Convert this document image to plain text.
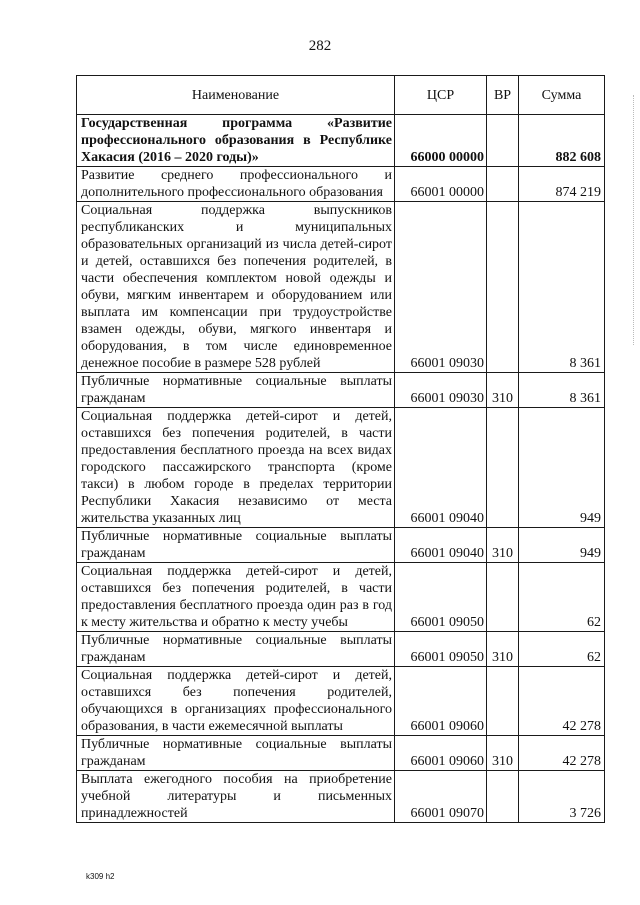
282
Наименование	ЦСР	ВР	Сумма
Государственная программа «Развитие профессионального образования в Республике Хакасия (2016 – 2020 годы)»	66000 00000		882 608
Развитие среднего профессионального и дополнительного профессионального образования	66001 00000		874 219
Социальная поддержка выпускников республиканских и муниципальных образовательных организаций из числа детей-сирот и детей, оставшихся без попечения родителей, в части обеспечения комплектом новой одежды и обуви, мягким инвентарем и оборудованием или выплата им компенсации при трудоустройстве взамен одежды, обуви, мягкого инвентаря и оборудования, в том числе единовременное денежное пособие в размере 528 рублей	66001 09030		8 361
Публичные нормативные социальные выплаты гражданам	66001 09030	310	8 361
Социальная поддержка детей-сирот и детей, оставшихся без попечения родителей, в части предоставления бесплатного проезда на всех видах городского пассажирского транспорта (кроме такси) в любом городе в пределах территории Республики Хакасия независимо от места жительства указанных лиц	66001 09040		949
Публичные нормативные социальные выплаты гражданам	66001 09040	310	949
Социальная поддержка детей-сирот и детей, оставшихся без попечения родителей, в части предоставления бесплатного проезда один раз в год к месту жительства и обратно к месту учебы	66001 09050		62
Публичные нормативные социальные выплаты гражданам	66001 09050	310	62
Социальная поддержка детей-сирот и детей, оставшихся без попечения родителей, обучающихся в организациях профессионального образования, в части ежемесячной выплаты	66001 09060		42 278
Публичные нормативные социальные выплаты гражданам	66001 09060	310	42 278
Выплата ежегодного пособия на приобретение учебной литературы и письменных принадлежностей	66001 09070		3 726
k309 h2
